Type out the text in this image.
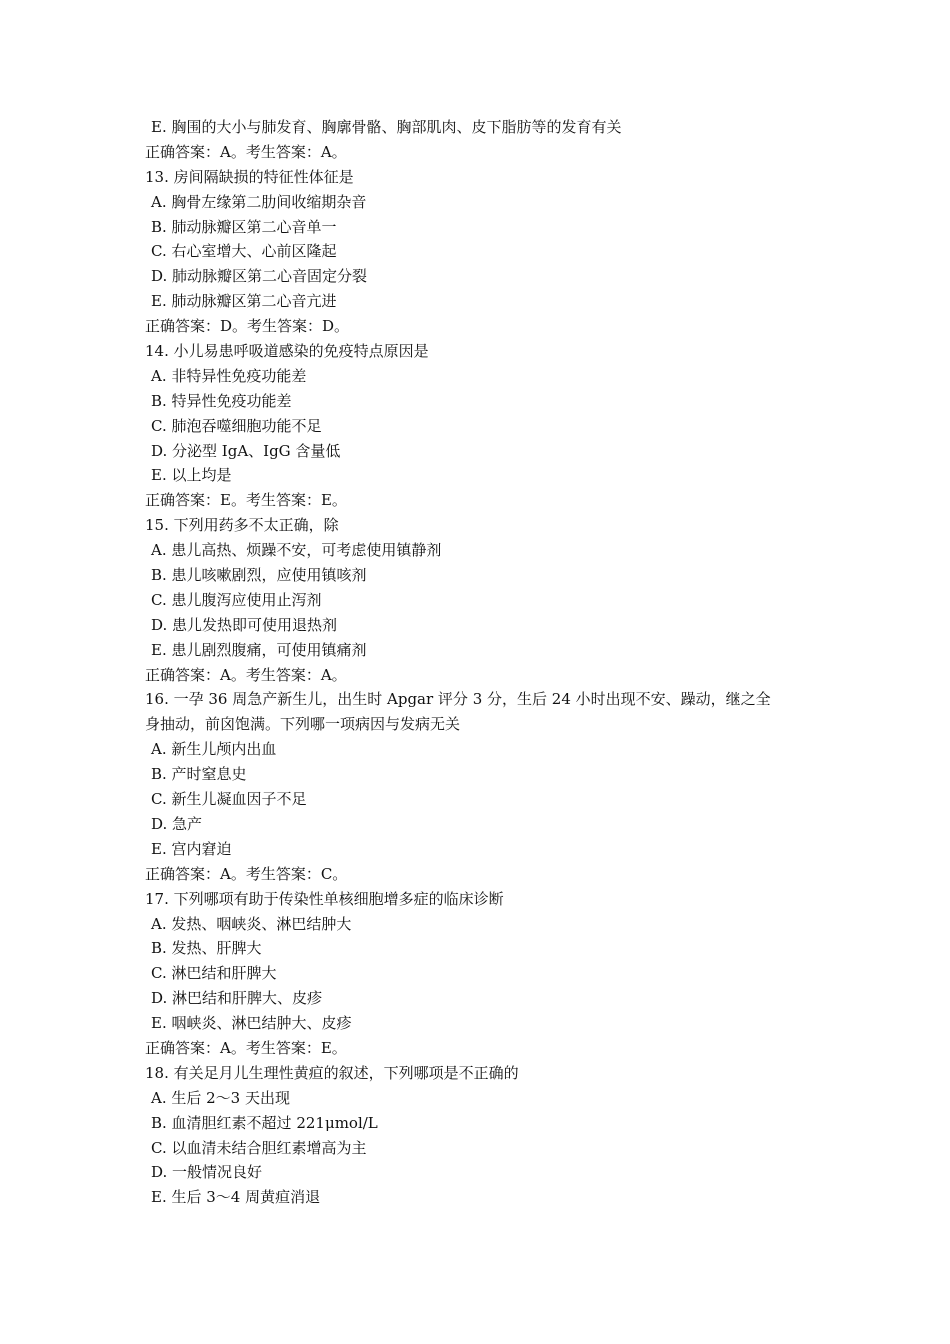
E. 胸围的大小与肺发育、胸廓骨骼、胸部肌肉、皮下脂肪等的发育有关
正确答案：A。考生答案：A。
13. 房间隔缺损的特征性体征是
A. 胸骨左缘第二肋间收缩期杂音
B. 肺动脉瓣区第二心音单一
C. 右心室增大、心前区隆起
D. 肺动脉瓣区第二心音固定分裂
E. 肺动脉瓣区第二心音亢进
正确答案：D。考生答案：D。
14. 小儿易患呼吸道感染的免疫特点原因是
A. 非特异性免疫功能差
B. 特异性免疫功能差
C. 肺泡吞噬细胞功能不足
D. 分泌型 IgA、IgG 含量低
E. 以上均是
正确答案：E。考生答案：E。
15. 下列用药多不太正确，除
A. 患儿高热、烦躁不安，可考虑使用镇静剂
B. 患儿咳嗽剧烈，应使用镇咳剂
C. 患儿腹泻应使用止泻剂
D. 患儿发热即可使用退热剂
E. 患儿剧烈腹痛，可使用镇痛剂
正确答案：A。考生答案：A。
16. 一孕 36 周急产新生儿，出生时 Apgar 评分 3 分，生后 24 小时出现不安、躁动，继之全
身抽动，前囟饱满。下列哪一项病因与发病无关
A. 新生儿颅内出血
B. 产时窒息史
C. 新生儿凝血因子不足
D. 急产
E. 宫内窘迫
正确答案：A。考生答案：C。
17. 下列哪项有助于传染性单核细胞增多症的临床诊断
A. 发热、咽峡炎、淋巴结肿大
B. 发热、肝脾大
C. 淋巴结和肝脾大
D. 淋巴结和肝脾大、皮疹
E. 咽峡炎、淋巴结肿大、皮疹
正确答案：A。考生答案：E。
18. 有关足月儿生理性黄疸的叙述，下列哪项是不正确的
A. 生后 2～3 天出现
B. 血清胆红素不超过 221μmol/L
C. 以血清未结合胆红素增高为主
D. 一般情况良好
E. 生后 3～4 周黄疸消退
